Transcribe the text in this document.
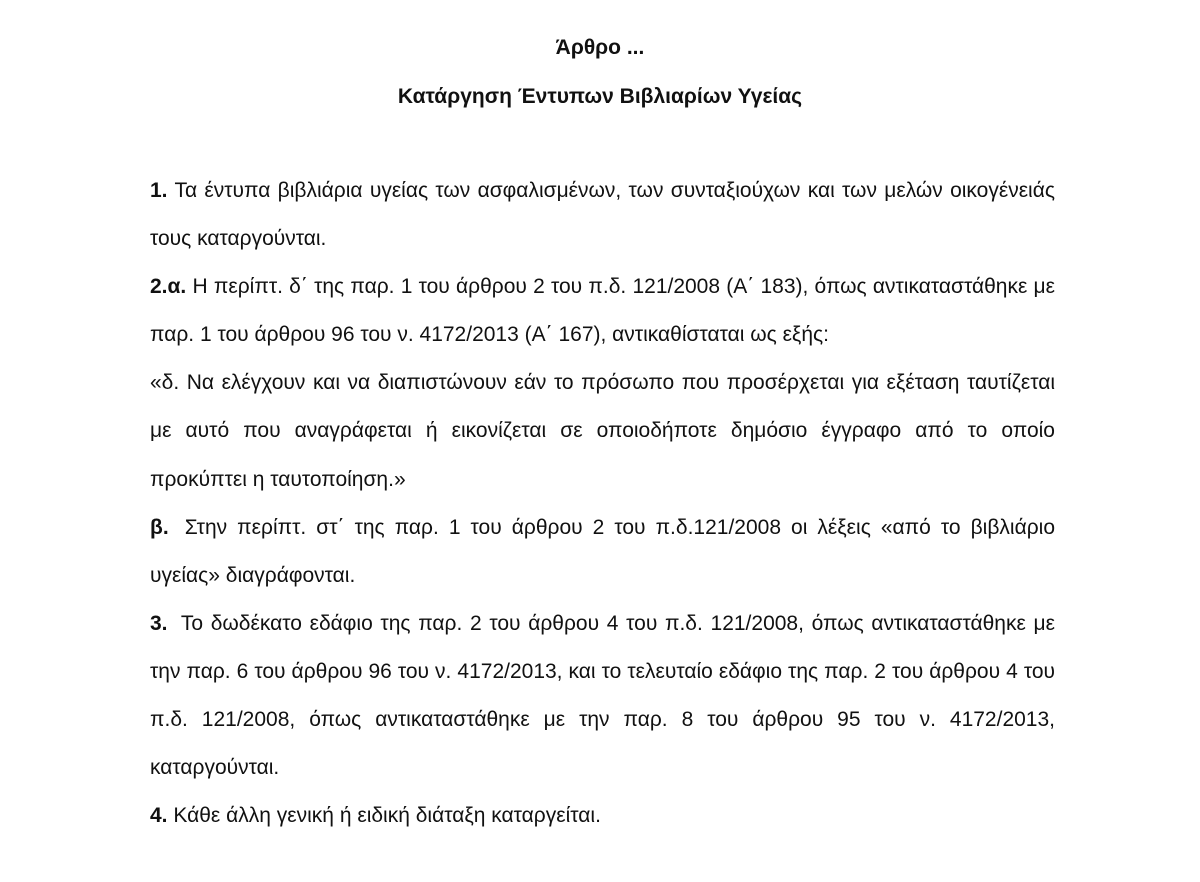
Άρθρο ...
Κατάργηση Έντυπων Βιβλιαρίων Υγείας

1. Τα έντυπα βιβλιάρια υγείας των ασφαλισμένων, των συνταξιούχων και των μελών οικογένειάς τους καταργούνται.

2.α. Η περίπτ. δ΄ της παρ. 1 του άρθρου 2 του π.δ. 121/2008 (Α΄ 183), όπως αντικαταστάθηκε με παρ. 1 του άρθρου 96 του ν. 4172/2013 (Α΄ 167), αντικαθίσταται ως εξής:

«δ. Να ελέγχουν και να διαπιστώνουν εάν το πρόσωπο που προσέρχεται για εξέταση ταυτίζεται με αυτό που αναγράφεται ή εικονίζεται σε οποιοδήποτε δημόσιο έγγραφο από το οποίο προκύπτει η ταυτοποίηση.»

β. Στην περίπτ. στ΄ της παρ. 1 του άρθρου 2 του π.δ.121/2008 οι λέξεις «από το βιβλιάριο υγείας» διαγράφονται.

3. Το δωδέκατο εδάφιο της παρ. 2 του άρθρου 4 του π.δ. 121/2008, όπως αντικαταστάθηκε με την παρ. 6 του άρθρου 96 του ν. 4172/2013, και το τελευταίο εδάφιο της παρ. 2 του άρθρου 4 του π.δ. 121/2008, όπως αντικαταστάθηκε με την παρ. 8 του άρθρου 95 του ν. 4172/2013, καταργούνται.

4. Κάθε άλλη γενική ή ειδική διάταξη καταργείται.
